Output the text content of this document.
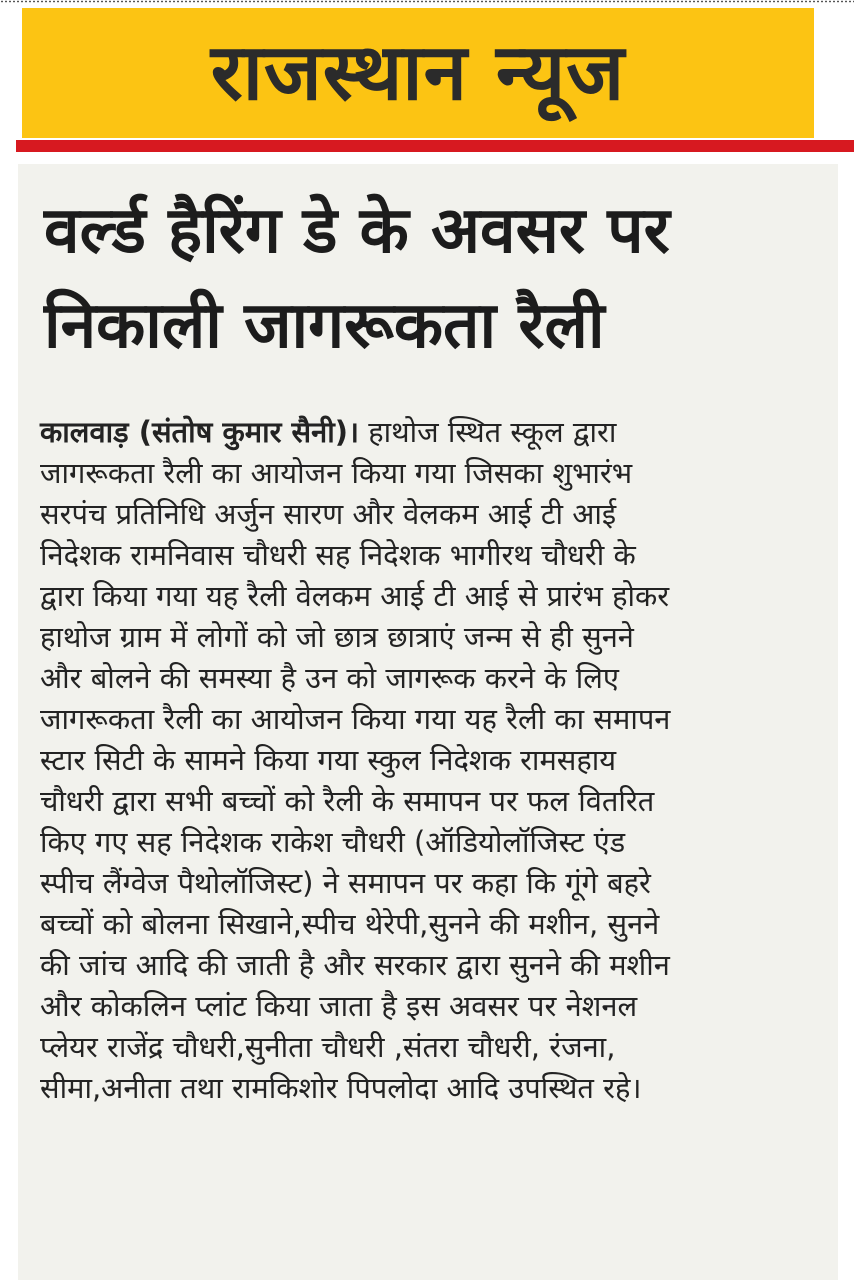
राजस्थान न्यूज
वर्ल्ड हैरिंग डे के अवसर पर
निकाली जागरूकता रैली
कालवाड़ (संतोष कुमार सैनी)। हाथोज स्थित स्कूल द्वारा
जागरूकता रैली का आयोजन किया गया जिसका शुभारंभ
सरपंच प्रतिनिधि अर्जुन सारण और वेलकम आई टी आई
निदेशक रामनिवास चौधरी सह निदेशक भागीरथ चौधरी के
द्वारा किया गया यह रैली वेलकम आई टी आई से प्रारंभ होकर
हाथोज ग्राम में लोगों को जो छात्र छात्राएं जन्म से ही सुनने
और बोलने की समस्या है उन को जागरूक करने के लिए
जागरूकता रैली का आयोजन किया गया यह रैली का समापन
स्टार सिटी के सामने किया गया स्कुल निदेशक रामसहाय
चौधरी द्वारा सभी बच्चों को रैली के समापन पर फल वितरित
किए गए सह निदेशक राकेश चौधरी (ऑडियोलॉजिस्ट एंड
स्पीच लैंग्वेज पैथोलॉजिस्ट) ने समापन पर कहा कि गूंगे बहरे
बच्चों को बोलना सिखाने,स्पीच थेरेपी,सुनने की मशीन, सुनने
की जांच आदि की जाती है और सरकार द्वारा सुनने की मशीन
और कोकलिन प्लांट किया जाता है इस अवसर पर नेशनल
प्लेयर राजेंद्र चौधरी,सुनीता चौधरी ,संतरा चौधरी, रंजना,
सीमा,अनीता तथा रामकिशोर पिपलोदा आदि उपस्थित रहे।
